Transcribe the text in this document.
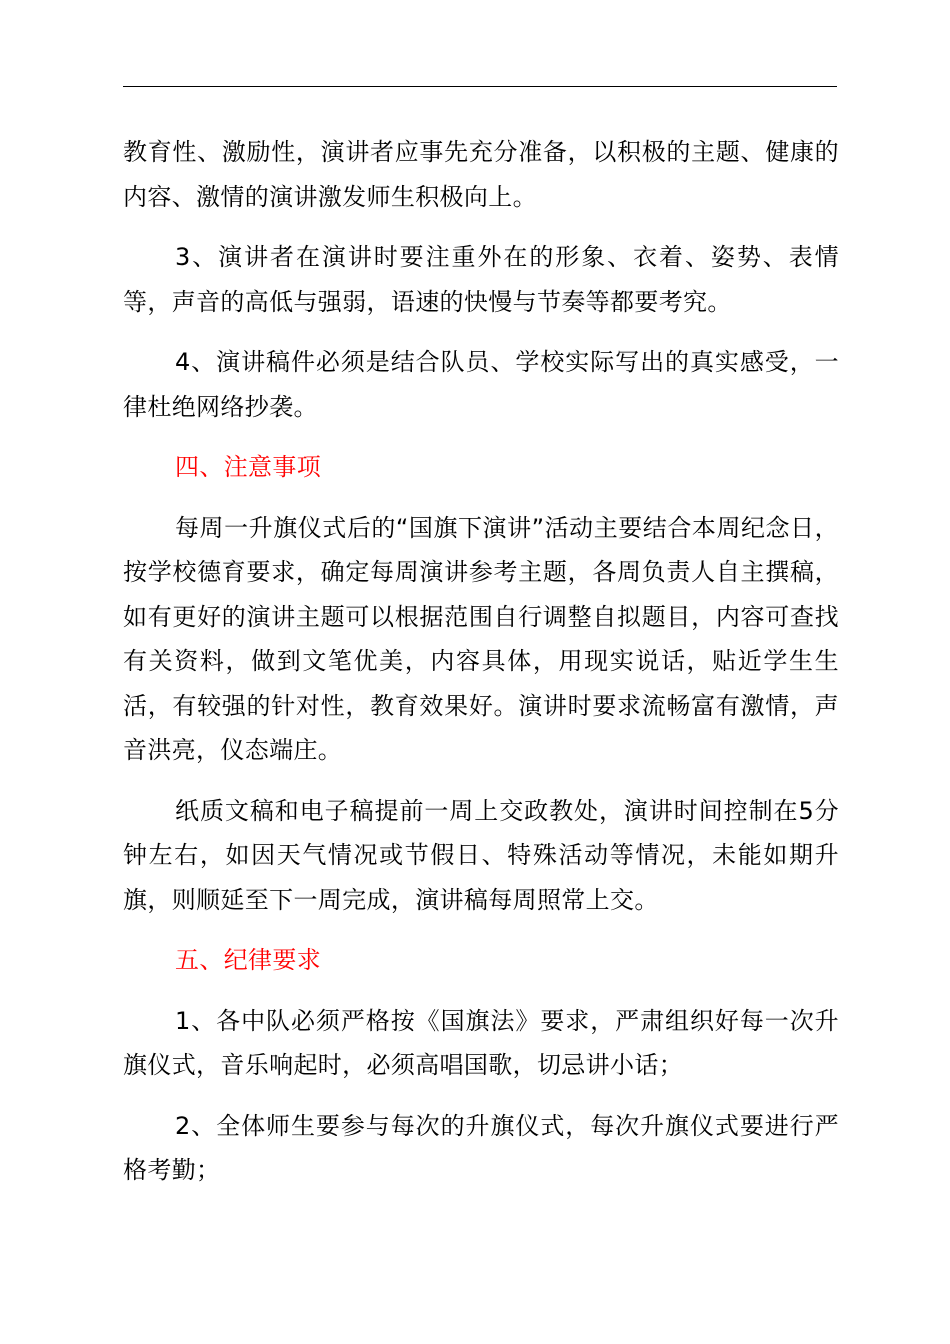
教育性、激励性，演讲者应事先充分准备，以积极的主题、健康的内容、激情的演讲激发师生积极向上。

3、演讲者在演讲时要注重外在的形象、衣着、姿势、表情等，声音的高低与强弱，语速的快慢与节奏等都要考究。

4、演讲稿件必须是结合队员、学校实际写出的真实感受，一律杜绝网络抄袭。

四、注意事项

每周一升旗仪式后的“国旗下演讲”活动主要结合本周纪念日，按学校德育要求，确定每周演讲参考主题，各周负责人自主撰稿，如有更好的演讲主题可以根据范围自行调整自拟题目，内容可查找有关资料，做到文笔优美，内容具体，用现实说话，贴近学生生活，有较强的针对性，教育效果好。演讲时要求流畅富有激情，声音洪亮，仪态端庄。

纸质文稿和电子稿提前一周上交政教处，演讲时间控制在5分钟左右，如因天气情况或节假日、特殊活动等情况，未能如期升旗，则顺延至下一周完成，演讲稿每周照常上交。

五、纪律要求

1、各中队必须严格按《国旗法》要求，严肃组织好每一次升旗仪式，音乐响起时，必须高唱国歌，切忌讲小话；

2、全体师生要参与每次的升旗仪式，每次升旗仪式要进行严格考勤；
